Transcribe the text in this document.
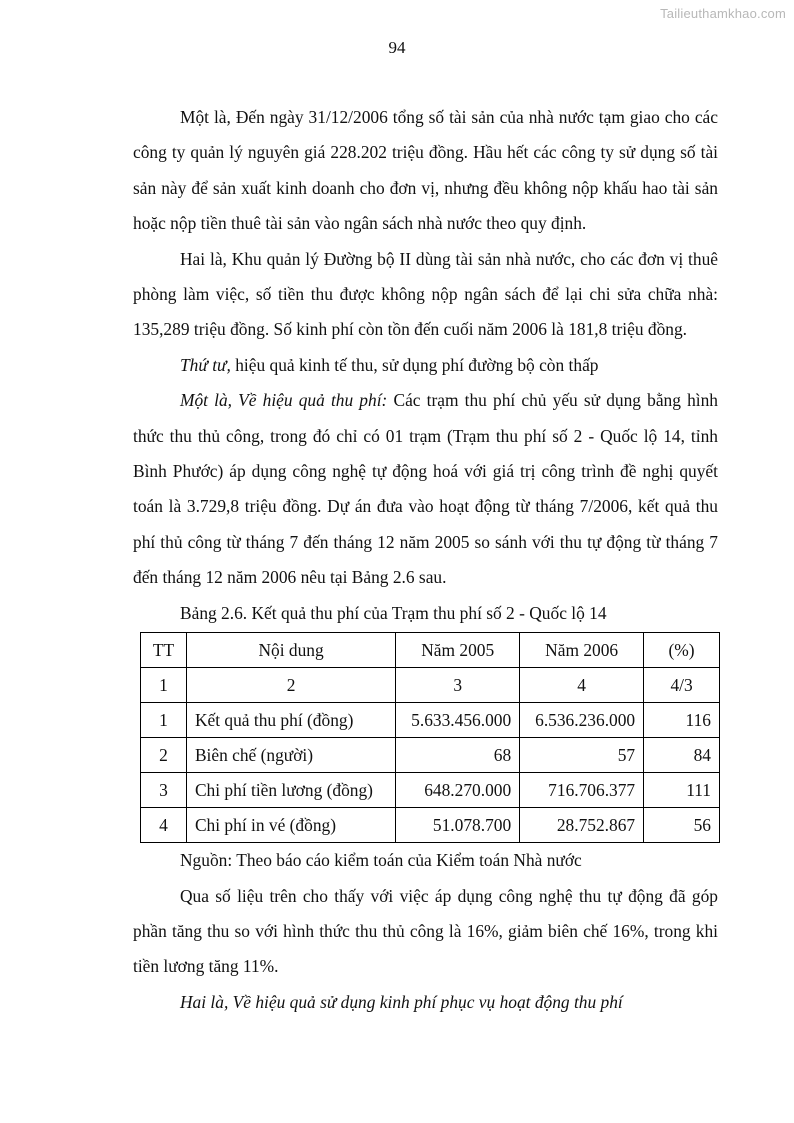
Tailieuthamkhao.com
94

Một là, Đến ngày 31/12/2006 tổng số tài sản của nhà nước tạm giao cho các công ty quản lý nguyên giá 228.202 triệu đồng. Hầu hết các công ty sử dụng số tài sản này để sản xuất kinh doanh cho đơn vị, nhưng đều không nộp khấu hao tài sản hoặc nộp tiền thuê tài sản vào ngân sách nhà nước theo quy định.

Hai là, Khu quản lý Đường bộ II dùng tài sản nhà nước, cho các đơn vị thuê phòng làm việc, số tiền thu được không nộp ngân sách để lại chi sửa chữa nhà: 135,289 triệu đồng. Số kinh phí còn tồn đến cuối năm 2006 là 181,8 triệu đồng.

Thứ tư, hiệu quả kinh tế thu, sử dụng phí đường bộ còn thấp

Một là, Về hiệu quả thu phí: Các trạm thu phí chủ yếu sử dụng bằng hình thức thu thủ công, trong đó chỉ có 01 trạm (Trạm thu phí số 2 - Quốc lộ 14, tỉnh Bình Phước) áp dụng công nghệ tự động hoá với giá trị công trình đề nghị quyết toán là 3.729,8 triệu đồng. Dự án đưa vào hoạt động từ tháng 7/2006, kết quả thu phí thủ công từ tháng 7 đến tháng 12 năm 2005 so sánh với thu tự động từ tháng 7 đến tháng 12 năm 2006 nêu tại Bảng 2.6 sau.

Bảng 2.6. Kết quả thu phí của Trạm thu phí số 2 - Quốc lộ 14

TT	Nội dung	Năm 2005	Năm 2006	(%)
1	2	3	4	4/3
1	Kết quả thu phí (đồng)	5.633.456.000	6.536.236.000	116
2	Biên chế (người)	68	57	84
3	Chi phí tiền lương (đồng)	648.270.000	716.706.377	111
4	Chi phí in vé (đồng)	51.078.700	28.752.867	56

Nguồn: Theo báo cáo kiểm toán của Kiểm toán Nhà nước

Qua số liệu trên cho thấy với việc áp dụng công nghệ thu tự động đã góp phần tăng thu so với hình thức thu thủ công là 16%, giảm biên chế 16%, trong khi tiền lương tăng 11%.

Hai là, Về hiệu quả sử dụng kinh phí phục vụ hoạt động thu phí
